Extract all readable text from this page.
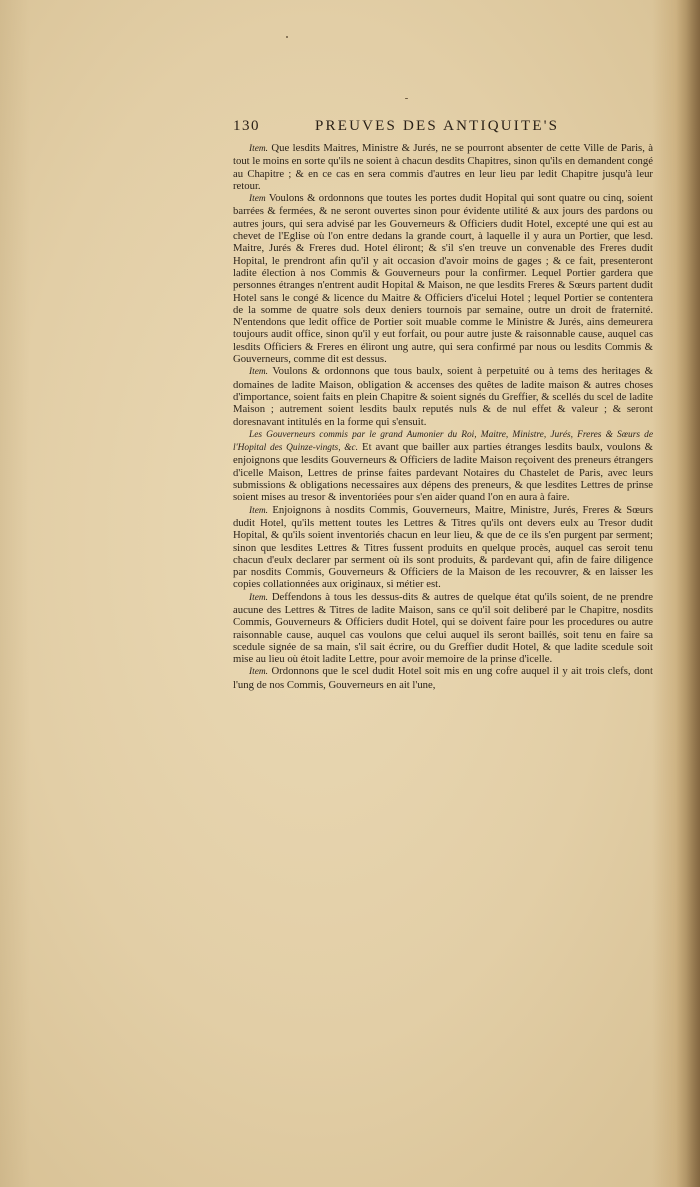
130	PREUVES DES ANTIQUITE'S

Item. Que lesdits Maitres, Ministre & Jurés, ne se pourront absenter de cette Ville de Paris, à tout le moins en sorte qu'ils ne soient à chacun desdits Chapitres, sinon qu'ils en demandent congé au Chapitre ; & en ce cas en sera commis d'autres en leur lieu par ledit Chapitre jusqu'à leur retour.

Item Voulons & ordonnons que toutes les portes dudit Hopital qui sont quatre ou cinq, soient barrées & fermées, & ne seront ouvertes sinon pour évidente utilité & aux jours des pardons ou autres jours, qui sera advisé par les Gouverneurs & Officiers dudit Hotel, excepté une qui est au chevet de l'Eglise où l'on entre dedans la grande court, à laquelle il y aura un Portier, que lesd. Maitre, Jurés & Freres dud. Hotel éliront; & s'il s'en treuve un convenable des Freres dudit Hopital, le prendront afin qu'il y ait occasion d'avoir moins de gages ; & ce fait, presenteront ladite élection à nos Commis & Gouverneurs pour la confirmer. Lequel Portier gardera que personnes étranges n'entrent audit Hopital & Maison, ne que lesdits Freres & Sœurs partent dudit Hotel sans le congé & licence du Maitre & Officiers d'icelui Hotel ; lequel Portier se contentera de la somme de quatre sols deux deniers tournois par semaine, outre un droit de fraternité. N'entendons que ledit office de Portier soit muable comme le Ministre & Jurés, ains demeurera toujours audit office, sinon qu'il y eut forfait, ou pour autre juste & raisonnable cause, auquel cas lesdits Officiers & Freres en éliront ung autre, qui sera confirmé par nous ou lesdits Commis & Gouverneurs, comme dit est dessus.

Item. Voulons & ordonnons que tous baulx, soient à perpetuité ou à tems des heritages & domaines de ladite Maison, obligation & accenses des quêtes de ladite maison & autres choses d'importance, soient faits en plein Chapitre & soient signés du Greffier, & scellés du scel de ladite Maison ; autrement soient lesdits baulx reputés nuls & de nul effet & valeur ; & seront doresnavant intitulés en la forme qui s'ensuit.

Les Gouverneurs commis par le grand Aumonier du Roi, Maitre, Ministre, Jurés, Freres & Sœurs de l'Hopital des Quinze-vingts, &c. Et avant que bailler aux parties étranges lesdits baulx, voulons & enjoignons que lesdits Gouverneurs & Officiers de ladite Maison reçoivent des preneurs étrangers d'icelle Maison, Lettres de prinse faites pardevant Notaires du Chastelet de Paris, avec leurs submissions & obligations necessaires aux dépens des preneurs, & que lesdites Lettres de prinse soient mises au tresor & inventoriées pour s'en aider quand l'on en aura à faire.

Item. Enjoignons à nosdits Commis, Gouverneurs, Maitre, Ministre, Jurés, Freres & Sœurs dudit Hotel, qu'ils mettent toutes les Lettres & Titres qu'ils ont devers eulx au Tresor dudit Hopital, & qu'ils soient inventoriés chacun en leur lieu, & que de ce ils s'en purgent par serment; sinon que lesdites Lettres & Titres fussent produits en quelque procès, auquel cas seroit tenu chacun d'eulx declarer par serment où ils sont produits, & pardevant qui, afin de faire diligence par nosdits Commis, Gouverneurs & Officiers de la Maison de les recouvrer, & en laisser les copies collationnées aux originaux, si métier est.

Item. Deffendons à tous les dessus-dits & autres de quelque état qu'ils soient, de ne prendre aucune des Lettres & Titres de ladite Maison, sans ce qu'il soit deliberé par le Chapitre, nosdits Commis, Gouverneurs & Officiers dudit Hotel, qui se doivent faire pour les procedures ou autre raisonnable cause, auquel cas voulons que celui auquel ils seront baillés, soit tenu en faire sa scedule signée de sa main, s'il sait écrire, ou du Greffier dudit Hotel, & que ladite scedule soit mise au lieu où étoit ladite Lettre, pour avoir memoire de la prinse d'icelle.

Item. Ordonnons que le scel dudit Hotel soit mis en ung cofre auquel il y ait trois clefs, dont l'ung de nos Commis, Gouverneurs en ait l'une,
